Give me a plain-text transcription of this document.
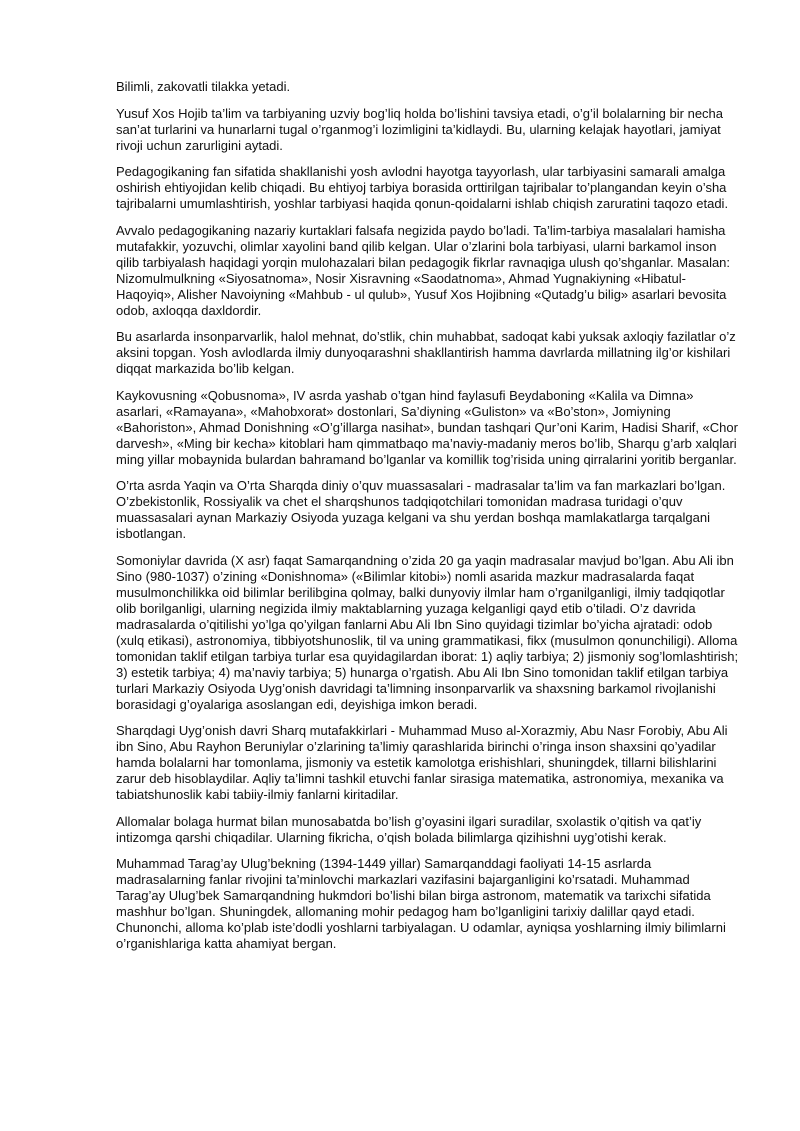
Bilimli, zakovatli tilakka yetadi.

Yusuf Xos Hojib ta’lim va tarbiyaning uzviy bog’liq holda bo’lishini tavsiya etadi, o’g’il bolalarning bir necha san’at turlarini va hunarlarni tugal o’rganmog’i lozimligini ta’kidlaydi. Bu, ularning kelajak hayotlari, jamiyat rivoji uchun zarurligini aytadi.

Pedagogikaning fan sifatida shakllanishi yosh avlodni hayotga tayyorlash, ular tarbiyasini samarali amalga oshirish ehtiyojidan kelib chiqadi. Bu ehtiyoj tarbiya borasida orttirilgan tajribalar to’plangandan keyin o’sha tajribalarni umumlashtirish, yoshlar tarbiyasi haqida qonun-qoidalarni ishlab chiqish zaruratini taqozo etadi.

Avvalo pedagogikaning nazariy kurtaklari falsafa negizida paydo bo’ladi. Ta’lim-tarbiya masalalari hamisha mutafakkir, yozuvchi, olimlar xayolini band qilib kelgan. Ular o’zlarini bola tarbiyasi, ularni barkamol inson qilib tarbiyalash haqidagi yorqin mulohazalari bilan pedagogik fikrlar ravnaqiga ulush qo’shganlar. Masalan: Nizomulmulkning «Siyosatnoma», Nosir Xisravning «Saodatnoma», Ahmad Yugnakiyning «Hibatul-Haqoyiq», Alisher Navoiyning «Mahbub - ul qulub», Yusuf Xos Hojibning «Qutadg’u bilig» asarlari bevosita odob, axloqqa daxldordir.

Bu asarlarda insonparvarlik, halol mehnat, do’stlik, chin muhabbat, sadoqat kabi yuksak axloqiy fazilatlar o’z aksini topgan. Yosh avlodlarda ilmiy dunyoqarashni shakllantirish hamma davrlarda millatning ilg’or kishilari diqqat markazida bo’lib kelgan.

Kaykovusning «Qobusnoma», IV asrda yashab o’tgan hind faylasufi Beydaboning «Kalila va Dimna» asarlari, «Ramayana», «Mahobxorat» dostonlari, Sa’diyning «Guliston» va «Bo’ston», Jomiyning «Bahoriston», Ahmad Donishning «O’g’illarga nasihat», bundan tashqari Qur’oni Karim, Hadisi Sharif, «Chor darvesh», «Ming bir kecha» kitoblari ham qimmatbaqo ma’naviy-madaniy meros bo’lib, Sharqu g’arb xalqlari ming yillar mobaynida bulardan bahramand bo’lganlar va komillik tog’risida uning qirralarini yoritib berganlar.

O’rta asrda Yaqin va O’rta Sharqda diniy o’quv muassasalari - madrasalar ta’lim va fan markazlari bo’lgan. O’zbekistonlik, Rossiyalik va chet el sharqshunos tadqiqotchilari tomonidan madrasa turidagi o’quv muassasalari aynan Markaziy Osiyoda yuzaga kelgani va shu yerdan boshqa mamlakatlarga tarqalgani isbotlangan.

Somoniylar davrida (X asr) faqat Samarqandning o’zida 20 ga yaqin madrasalar mavjud bo’lgan. Abu Ali ibn Sino (980-1037) o’zining «Donishnoma» («Bilimlar kitobi») nomli asarida mazkur madrasalarda faqat musulmonchilikka oid bilimlar berilibgina qolmay, balki dunyoviy ilmlar ham o’rganilganligi, ilmiy tadqiqotlar olib borilganligi, ularning negizida ilmiy maktablarning yuzaga kelganligi qayd etib o’tiladi. O’z davrida madrasalarda o’qitilishi yo’lga qo’yilgan fanlarni Abu Ali Ibn Sino quyidagi tizimlar bo’yicha ajratadi: odob (xulq etikasi), astronomiya, tibbiyotshunoslik, til va uning grammatikasi, fikx (musulmon qonunchiligi). Alloma tomonidan taklif etilgan tarbiya turlar esa quyidagilardan iborat: 1) aqliy tarbiya; 2) jismoniy sog’lomlashtirish; 3) estetik tarbiya; 4) ma’naviy tarbiya; 5) hunarga o’rgatish. Abu Ali Ibn Sino tomonidan taklif etilgan tarbiya turlari Markaziy Osiyoda Uyg’onish davridagi ta’limning insonparvarlik va shaxsning barkamol rivojlanishi borasidagi g’oyalariga asoslangan edi, deyishiga imkon beradi.

Sharqdagi Uyg’onish davri Sharq mutafakkirlari - Muhammad Muso al-Xorazmiy, Abu Nasr Forobiy, Abu Ali ibn Sino, Abu Rayhon Beruniylar o’zlarining ta’limiy qarashlarida birinchi o’ringa inson shaxsini qo’yadilar hamda bolalarni har tomonlama, jismoniy va estetik kamolotga erishishlari, shuningdek, tillarni bilishlarini zarur deb hisoblaydilar. Aqliy ta’limni tashkil etuvchi fanlar sirasiga matematika, astronomiya, mexanika va tabiatshunoslik kabi tabiiy-ilmiy fanlarni kiritadilar.

Allomalar bolaga hurmat bilan munosabatda bo’lish g’oyasini ilgari suradilar, sxolastik o’qitish va qat’iy intizomga qarshi chiqadilar. Ularning fikricha, o’qish bolada bilimlarga qizihishni uyg’otishi kerak.

Muhammad Tarag’ay Ulug’bekning (1394-1449 yillar) Samarqanddagi faoliyati 14-15 asrlarda madrasalarning fanlar rivojini ta’minlovchi markazlari vazifasini bajarganligini ko’rsatadi. Muhammad Tarag’ay Ulug’bek Samarqandning hukmdori bo’lishi bilan birga astronom, matematik va tarixchi sifatida mashhur bo’lgan. Shuningdek, allomaning mohir pedagog ham bo’lganligini tarixiy dalillar qayd etadi. Chunonchi, alloma ko’plab iste’dodli yoshlarni tarbiyalagan. U odamlar, ayniqsa yoshlarning ilmiy bilimlarni o’rganishlariga katta ahamiyat bergan.
